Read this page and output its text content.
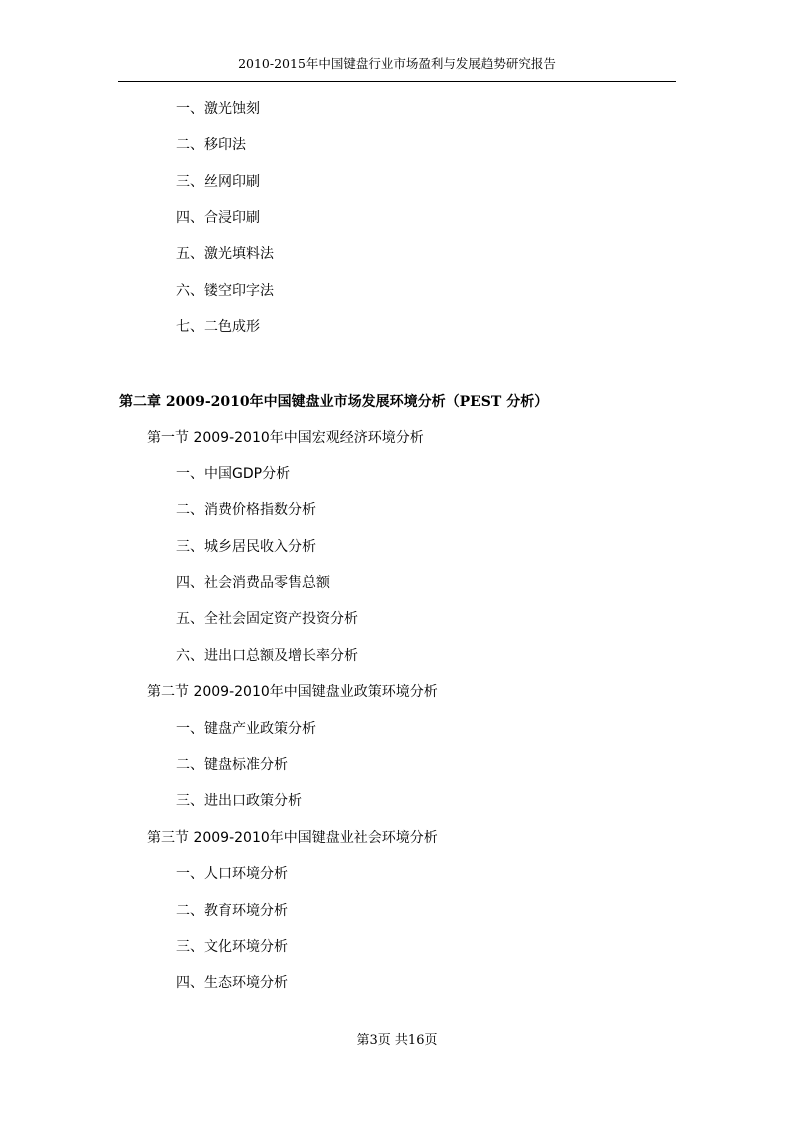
2010-2015年中国键盘行业市场盈利与发展趋势研究报告
一、激光蚀刻
二、移印法
三、丝网印刷
四、合浸印刷
五、激光填料法
六、镂空印字法
七、二色成形
第二章 2009-2010年中国键盘业市场发展环境分析（PEST 分析）
第一节 2009-2010年中国宏观经济环境分析
一、中国GDP分析
二、消费价格指数分析
三、城乡居民收入分析
四、社会消费品零售总额
五、全社会固定资产投资分析
六、进出口总额及增长率分析
第二节 2009-2010年中国键盘业政策环境分析
一、键盘产业政策分析
二、键盘标准分析
三、进出口政策分析
第三节 2009-2010年中国键盘业社会环境分析
一、人口环境分析
二、教育环境分析
三、文化环境分析
四、生态环境分析
第3页 共16页
